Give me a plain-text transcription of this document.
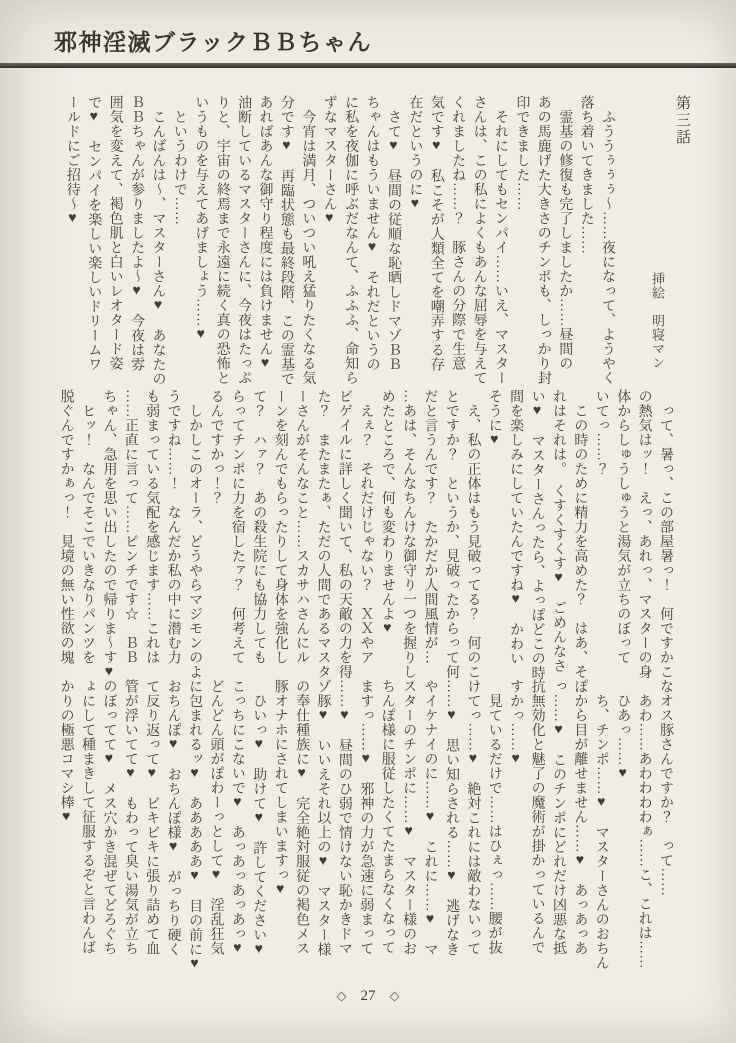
邪神淫滅ブラックＢＢちゃん
第三話
挿絵　明寝マン

　ふううぅぅぅ～……夜になって、ようやく

落ち着いてきました……

　霊基の修復も完了しましたか……昼間の

あの馬鹿げた大きさのチンポも、しっかり封

印できました……

　それにしてもセンパイ……いえ、マスター

さんは、この私によくもあんな屈辱を与えて

くれましたね……？　豚さんの分際で生意

気です♥　私こそが人類全てを嘲弄する存

在だというのに♥

　さて♥　昼間の従順な恥晒しドマゾＢＢ

ちゃんはもういません♥　それだというの

に私を夜伽に呼ぶだなんて、ふふふ、命知ら

ずなマスターさん♥

　今宵は満月、ついつい吼え猛りたくなる気

分です♥　再臨状態も最終段階、この霊基で

あればあんな御守り程度には負けません♥

油断しているマスターさんに、今夜はたっぷ

りと、宇宙の終焉まで永遠に続く真の恐怖と

いうものを与えてあげましょう……♥

　というわけで……

　こんばんは～、マスターさん♥　あなたの

ＢＢちゃんが参りましたよ～♥　今夜は雰

囲気を変えて、褐色肌と白いレオタード姿

で♥　センパイを楽しい楽しいドリームワ

ールドにご招待～♥

　って、暑っ、この部屋暑っ！　何ですかこ

の熱気はッ！　えっ、あれっ、マスターの身

体からしゅうしゅうと湯気が立ちのぼって

いてっ……？

　この時のために精力を高めた？　はあ、そ

れはそれは。　くすくすくす♥　ごめんなさ

い♥　マスターさんったら、よっぽどこの時

間を楽しみにしていたんですね♥　かわい

そうに♥

　え、私の正体はもう見破ってる？　何のこ

とですか？　というか、見破ったからって何

だと言うんです？　たかだか人間風情が…

…あは、そんなちんけな御守り一つを握りし

めたところで、何も変わりませんよ♥

　えぇ？　それだけじゃない？　ＸＸやア

ビゲイルに詳しく聞いて、私の天敵の力を得

た？　またまたぁ、ただの人間であるマスタ

ーさんがそんなこと……スカサハさんにル

ーンを刻んでもらったりして身体を強化し

て？　ハァ？　あの殺生院にも協力しても

らってチンポに力を宿したァ？　何考えて

るんですかっ！？

　しかしこのオーラ、どうやらマジモンのよ

うですね……！　なんだか私の中に潜む力

も弱まっている気配を感じます……これは

……正直に言って……ピンチです☆　ＢＢ

ちゃん、急用を思い出したので帰りま～す♥

　ヒッ！　なんでそこでいきなりパンツを

脱ぐんですかぁっ！　見境の無い性欲の塊

なオス豚さんですか？　って……

　あわ……あわわわわぁ……こ、これは……

　ひあっ……♥

　ち、チンポ……♥　マスターさんのおちん

ぽから目が離せません……♥　あっあっあ

っ……♥　このチンポにどれだけ凶悪な抵

抗無効化と魅了の魔術が掛かっているんで

すかっ……♥

　見ているだけで……はひぇっ……腰が抜

けてっ……♥　絶対これには敵わないって

……♥　思い知らされる……♥　逃げなき

やイケナイのに……♥　これに……♥　マ

スターのチンポに……♥　マスター様のお

ちんぽ様に服従したくてたまらなくなって

ますっ……♥　邪神の力が急速に弱まって

……♥　昼間のひ弱で情けない恥かきドマ

ゾ豚♥　いいえそれ以上の♥　マスター様

の奉仕種族に♥　完全絶対服従の褐色メス

豚オナホにされてしまいますっ♥

　ひいっ♥　助けて♥　許してください♥

こっちにこないで♥　あっあっあっあっ♥

どんどん頭がぽわーっとして♥　淫乱狂気

に包まれるッ♥　あああああ♥　目の前に♥

おちんぽ♥　おちんぽ様♥　がっちり硬く

て反り返って♥　ビキビキに張り詰めて血

管が浮いてて♥　もわって臭い湯気が立ち

のぼってて♥　メス穴かき混ぜてどろぐち

ょにして種まきして征服するぞと言わんば

かりの極悪コマシ棒♥

◇ 27 ◇
